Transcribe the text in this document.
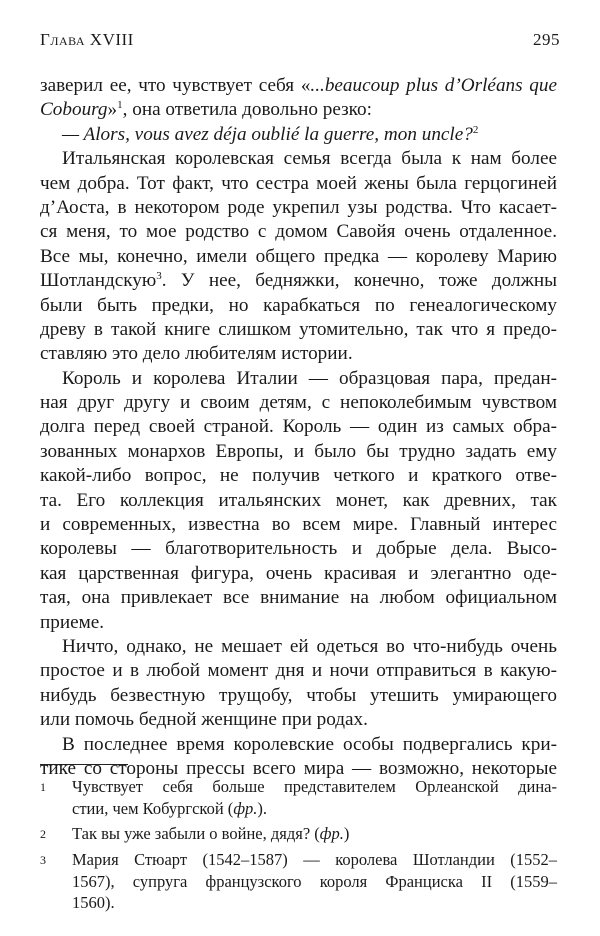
Глава XVIII	295
заверил ее, что чувствует себя «...beaucoup plus d’Orléans que
Cobourg»$^1$, она ответила довольно резко:
— Alors, vous avez déja oublié la guerre, mon uncle?$^2$
Итальянская королевская семья всегда была к нам более
чем добра. Тот факт, что сестра моей жены была герцогиней
д’Аоста, в некотором роде укрепил узы родства. Что касает-
ся меня, то мое родство с домом Савойя очень отдаленное.
Все мы, конечно, имели общего предка — королеву Марию
Шотландскую$^3$. У нее, бедняжки, конечно, тоже должны
были быть предки, но карабкаться по генеалогическому
древу в такой книге слишком утомительно, так что я предо-
ставляю это дело любителям истории.
Король и королева Италии — образцовая пара, предан-
ная друг другу и своим детям, с непоколебимым чувством
долга перед своей страной. Король — один из самых обра-
зованных монархов Европы, и было бы трудно задать ему
какой-либо вопрос, не получив четкого и краткого отве-
та. Его коллекция итальянских монет, как древних, так
и современных, известна во всем мире. Главный интерес
королевы — благотворительность и добрые дела. Высо-
кая царственная фигура, очень красивая и элегантно оде-
тая, она привлекает все внимание на любом официальном
приеме.
Ничто, однако, не мешает ей одеться во что-нибудь очень
простое и в любой момент дня и ночи отправиться в какую-
нибудь безвестную трущобу, чтобы утешить умирающего
или помочь бедной женщине при родах.
В последнее время королевские особы подвергались кри-
тике со стороны прессы всего мира — возможно, некоторые
1	Чувствует себя больше представителем Орлеанской дина-
стии, чем Кобургской (фр.).
2	Так вы уже забыли о войне, дядя? (фр.)
3	Мария Стюарт (1542–1587) — королева Шотландии (1552–
1567), супруга французского короля Франциска II (1559–
1560).
